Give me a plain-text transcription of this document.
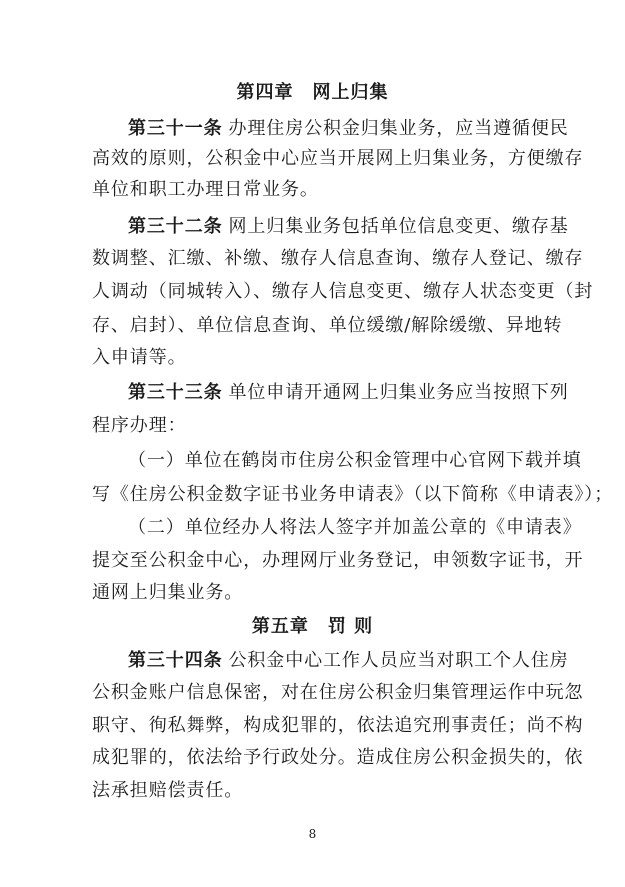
第四章　网上归集
第三十一条 办理住房公积金归集业务，应当遵循便民
高效的原则，公积金中心应当开展网上归集业务，方便缴存
单位和职工办理日常业务。
第三十二条 网上归集业务包括单位信息变更、缴存基
数调整、汇缴、补缴、缴存人信息查询、缴存人登记、缴存
人调动（同城转入）、缴存人信息变更、缴存人状态变更（封
存、启封）、单位信息查询、单位缓缴/解除缓缴、异地转
入申请等。
第三十三条 单位申请开通网上归集业务应当按照下列
程序办理：
（一）单位在鹤岗市住房公积金管理中心官网下载并填
写《住房公积金数字证书业务申请表》（以下简称《申请表》）；
（二）单位经办人将法人签字并加盖公章的《申请表》
提交至公积金中心，办理网厅业务登记，申领数字证书，开
通网上归集业务。
第五章　罚 则
第三十四条 公积金中心工作人员应当对职工个人住房
公积金账户信息保密，对在住房公积金归集管理运作中玩忽
职守、徇私舞弊，构成犯罪的，依法追究刑事责任；尚不构
成犯罪的，依法给予行政处分。造成住房公积金损失的，依
法承担赔偿责任。
8
